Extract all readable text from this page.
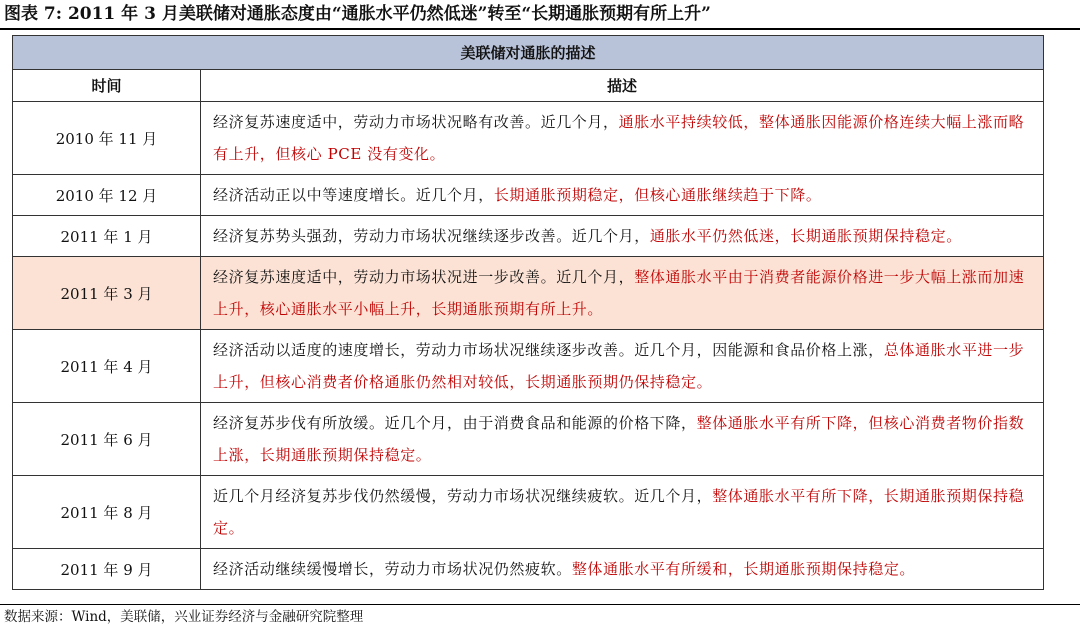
图表 7: 2011 年 3 月美联储对通胀态度由“通胀水平仍然低迷”转至“长期通胀预期有所上升”
美联储对通胀的描述	
时间	描述
2010 年 11 月	经济复苏速度适中，劳动力市场状况略有改善。近几个月，通胀水平持续较低，整体通胀因能源价格连续大幅上涨而略有上升，但核心 PCE 没有变化。
2010 年 12 月	经济活动正以中等速度增长。近几个月，长期通胀预期稳定，但核心通胀继续趋于下降。
2011 年 1 月	经济复苏势头强劲，劳动力市场状况继续逐步改善。近几个月，通胀水平仍然低迷，长期通胀预期保持稳定。
2011 年 3 月	经济复苏速度适中，劳动力市场状况进一步改善。近几个月，整体通胀水平由于消费者能源价格进一步大幅上涨而加速上升，核心通胀水平小幅上升，长期通胀预期有所上升。
2011 年 4 月	经济活动以适度的速度增长，劳动力市场状况继续逐步改善。近几个月，因能源和食品价格上涨，总体通胀水平进一步上升，但核心消费者价格通胀仍然相对较低，长期通胀预期仍保持稳定。
2011 年 6 月	经济复苏步伐有所放缓。近几个月，由于消费食品和能源的价格下降，整体通胀水平有所下降，但核心消费者物价指数上涨，长期通胀预期保持稳定。
2011 年 8 月	近几个月经济复苏步伐仍然缓慢，劳动力市场状况继续疲软。近几个月，整体通胀水平有所下降，长期通胀预期保持稳定。
2011 年 9 月	经济活动继续缓慢增长，劳动力市场状况仍然疲软。整体通胀水平有所缓和，长期通胀预期保持稳定。
数据来源：Wind，美联储，兴业证券经济与金融研究院整理
